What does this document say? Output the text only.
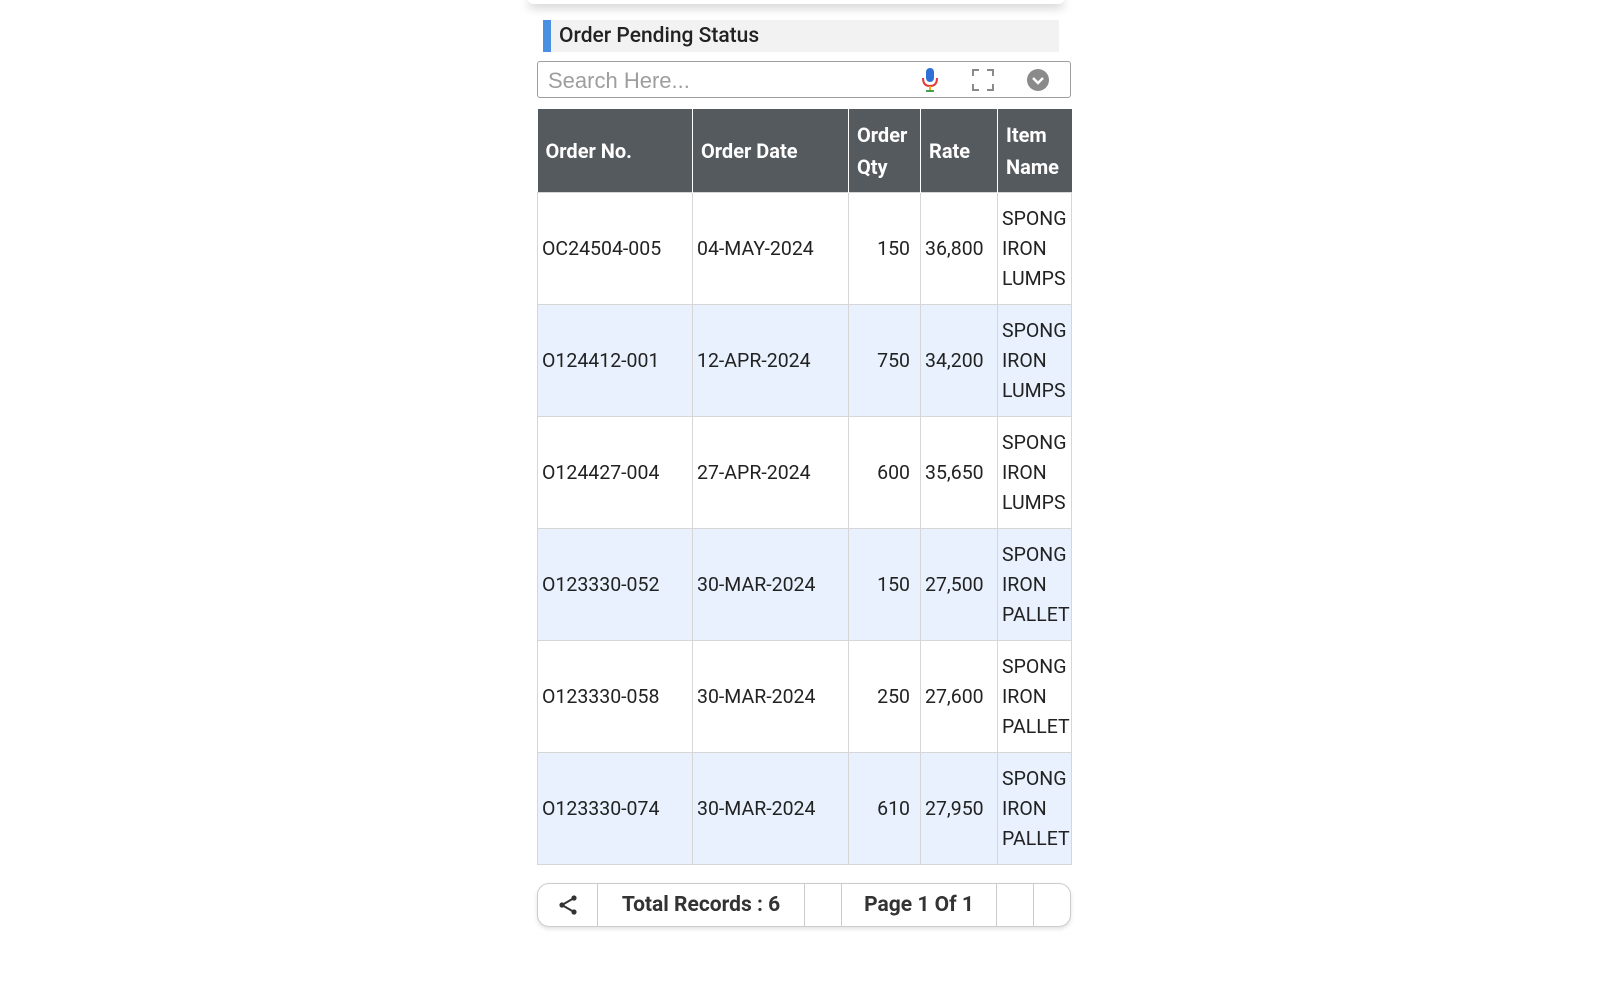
Order Pending Status
Search Here...
Order No.	Order Date	Order Qty	Rate	Item Name
OC24504-005	04-MAY-2024	150	36,800	SPONG
IRON
LUMPS
O124412-001	12-APR-2024	750	34,200	SPONG
IRON
LUMPS
O124427-004	27-APR-2024	600	35,650	SPONG
IRON
LUMPS
O123330-052	30-MAR-2024	150	27,500	SPONG
IRON
PALLET
O123330-058	30-MAR-2024	250	27,600	SPONG
IRON
PALLET
O123330-074	30-MAR-2024	610	27,950	SPONG
IRON
PALLET
Total Records : 6	Page 1 Of 1
